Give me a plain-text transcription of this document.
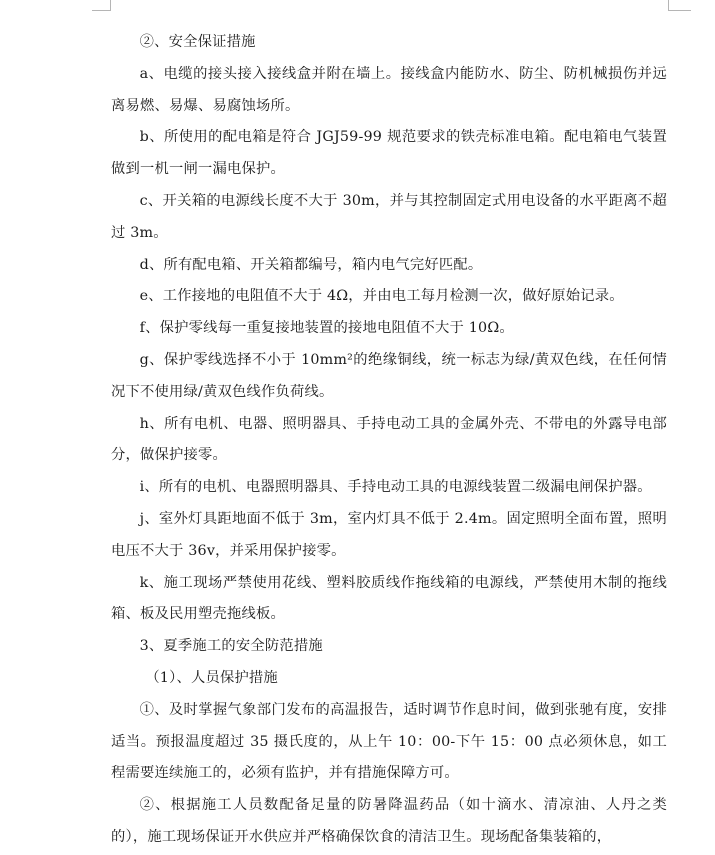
②、安全保证措施

a、电缆的接头接入接线盒并附在墙上。接线盒内能防水、防尘、防机械损伤并远离易燃、易爆、易腐蚀场所。

b、所使用的配电箱是符合 JGJ59-99 规范要求的铁壳标准电箱。配电箱电气装置做到一机一闸一漏电保护。

c、开关箱的电源线长度不大于 30m，并与其控制固定式用电设备的水平距离不超过 3m。

d、所有配电箱、开关箱都编号，箱内电气完好匹配。

e、工作接地的电阻值不大于 4Ω，并由电工每月检测一次，做好原始记录。

f、保护零线每一重复接地装置的接地电阻值不大于 10Ω。

g、保护零线选择不小于 10mm²的绝缘铜线，统一标志为绿/黄双色线，在任何情况下不使用绿/黄双色线作负荷线。

h、所有电机、电器、照明器具、手持电动工具的金属外壳、不带电的外露导电部分，做保护接零。

i、所有的电机、电器照明器具、手持电动工具的电源线装置二级漏电闸保护器。

j、室外灯具距地面不低于 3m，室内灯具不低于 2.4m。固定照明全面布置，照明电压不大于 36v，并采用保护接零。

k、施工现场严禁使用花线、塑料胶质线作拖线箱的电源线，严禁使用木制的拖线箱、板及民用塑壳拖线板。

3、夏季施工的安全防范措施

（1）、人员保护措施

①、及时掌握气象部门发布的高温报告，适时调节作息时间，做到张驰有度，安排适当。预报温度超过 35 摄氏度的，从上午 10：00-下午 15：00 点必须休息，如工程需要连续施工的，必须有监护，并有措施保障方可。

②、根据施工人员数配备足量的防暑降温药品（如十滴水、清凉油、人丹之类的），施工现场保证开水供应并严格确保饮食的清洁卫生。现场配备集装箱的，
